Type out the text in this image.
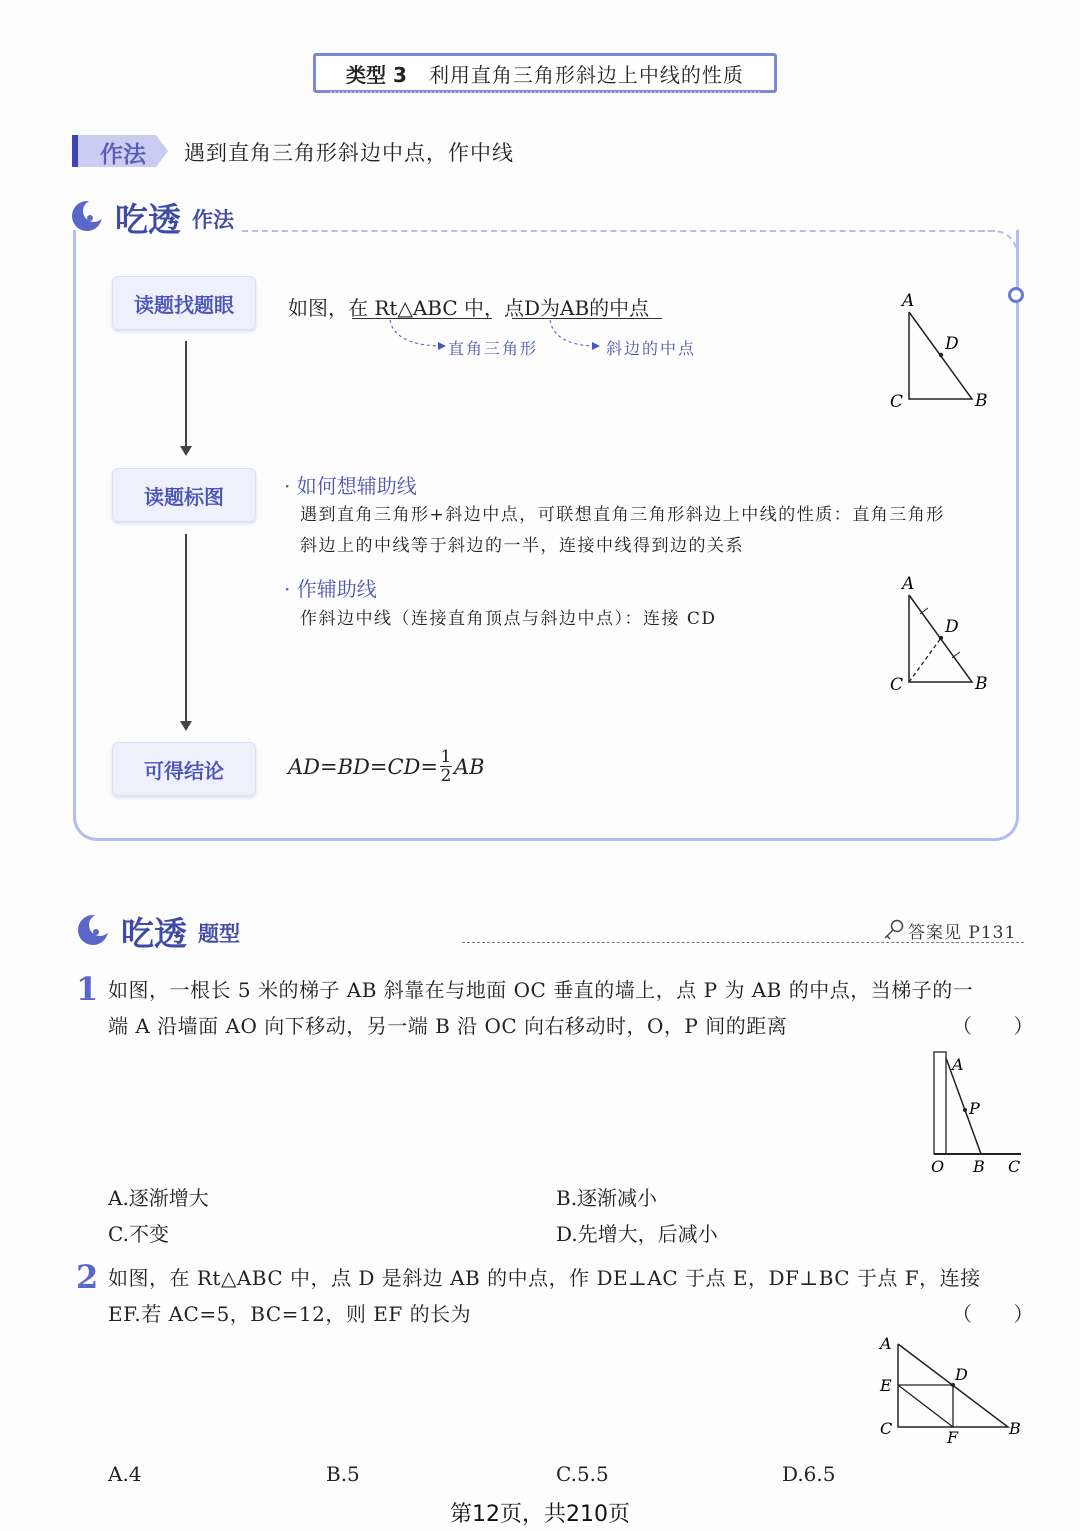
类型 3 利用直角三角形斜边上中线的性质
作法 遇到直角三角形斜边中点，作中线
吃透 作法
读题找题眼
读题标图
可得结论
如图，在 Rt△ABC 中，点D为AB的中点
直角三角形	斜边的中点
A
D
C	B
· 如何想辅助线
遇到直角三角形+斜边中点，可联想直角三角形斜边上中线的性质：直角三角形
斜边上的中线等于斜边的一半，连接中线得到边的关系
· 作辅助线
作斜边中线（连接直角顶点与斜边中点）：连接 CD
A
D
C	B
AD=BD=CD= 1
2 AB
吃透 题型	答案见 P131
1 如图，一根长 5 米的梯子 AB 斜靠在与地面 OC 垂直的墙上，点 P 为 AB 的中点，当梯子的一
端 A 沿墙面 AO 向下移动，另一端 B 沿 OC 向右移动时，O，P 间的距离	（　　）
A
P
O B C
A.逐渐增大	B.逐渐减小
C.不变	D.先增大，后减小
2 如图，在 Rt△ABC 中，点 D 是斜边 AB 的中点，作 DE⊥AC 于点 E，DF⊥BC 于点 F，连接
EF.若 AC=5，BC=12，则 EF 的长为	（　　）
A
D
E
C	F	B
A.4	B.5	C.5.5	D.6.5
第12页，共210页
